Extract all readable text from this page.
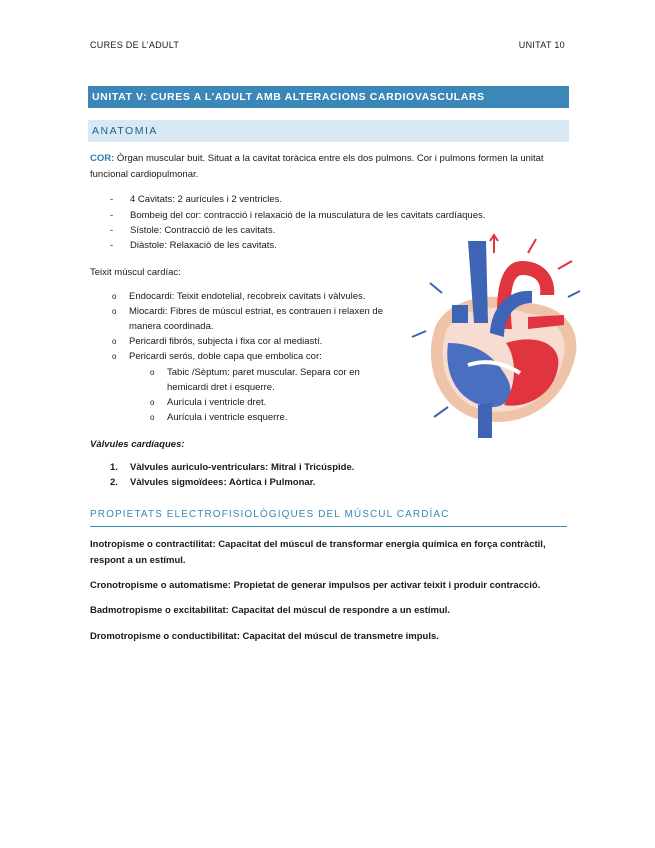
CURES DE L’ADULT	UNITAT 10
UNITAT V: CURES A L’ADULT AMB ALTERACIONS CARDIOVASCULARS
ANATOMIA
COR: Òrgan muscular buit. Situat a la cavitat toràcica entre els dos pulmons. Cor i pulmons formen la unitat funcional cardiopulmonar.
- 4 Cavitats: 2 aurícules i 2 ventricles.
- Bombeig del cor: contracció i relaxació de la musculatura de les cavitats cardíaques.
- Sístole: Contracció de les cavitats.
- Diàstole: Relaxació de les cavitats.
Teixit múscul cardíac:
o Endocardi: Teixit endotelial, recobreix cavitats i vàlvules.
o Miocardi: Fibres de múscul estriat, es contrauen i relaxen de
manera coordinada.
o Pericardi fibrós, subjecta i fixa cor al mediastí.
o Pericardi serós, doble capa que embolica cor:
o Tabic /Sèptum: paret muscular. Separa cor en
hemicardi dret i esquerre.
o Aurícula i ventricle dret.
o Aurícula i ventricle esquerre.
Vàlvules cardíaques:
1. Vàlvules auriculo-ventriculars: Mitral i Tricúspide.
2. Vàlvules sigmoïdees: Aòrtica i Pulmonar.
PROPIETATS ELECTROFISIOLÒGIQUES DEL MÚSCUL CARDÍAC
Inotropisme o contractilitat: Capacitat del múscul de transformar energia química en força contràctil, respont a un estímul.
Cronotropisme o automatisme: Propietat de generar impulsos per activar teixit i produir contracció.
Badmotropisme o excitabilitat: Capacitat del múscul de respondre a un estímul.
Dromotropisme o conductibilitat: Capacitat del múscul de transmetre impuls.
